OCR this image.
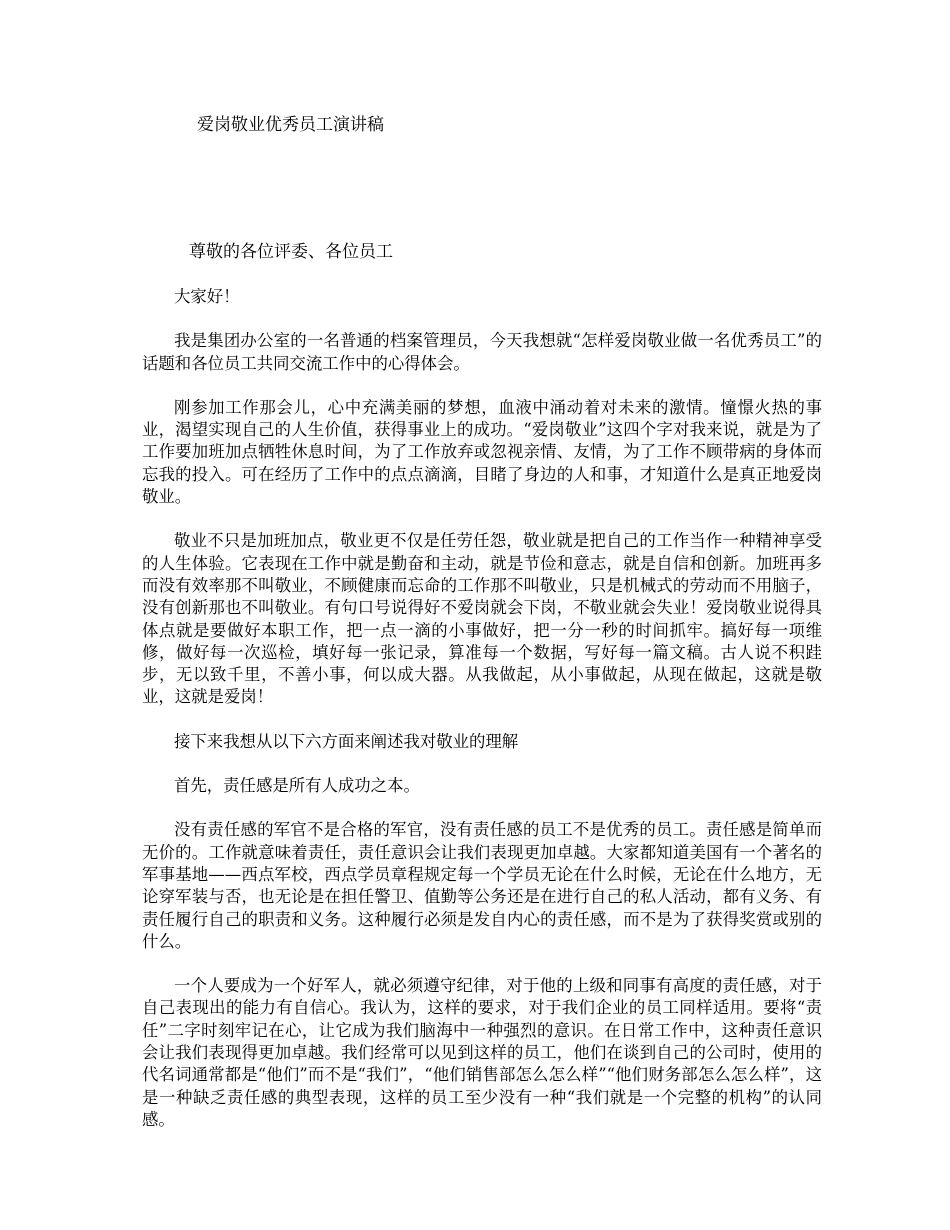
爱岗敬业优秀员工演讲稿
尊敬的各位评委、各位员工

大家好！

我是集团办公室的一名普通的档案管理员，今天我想就“怎样爱岗敬业做一名优秀员工”的话题和各位员工共同交流工作中的心得体会。

刚参加工作那会儿，心中充满美丽的梦想，血液中涌动着对未来的激情。憧憬火热的事业，渴望实现自己的人生价值，获得事业上的成功。“爱岗敬业”这四个字对我来说，就是为了工作要加班加点牺牲休息时间，为了工作放弃或忽视亲情、友情，为了工作不顾带病的身体而忘我的投入。可在经历了工作中的点点滴滴，目睹了身边的人和事，才知道什么是真正地爱岗敬业。

敬业不只是加班加点，敬业更不仅是任劳任怨，敬业就是把自己的工作当作一种精神享受的人生体验。它表现在工作中就是勤奋和主动，就是节俭和意志，就是自信和创新。加班再多而没有效率那不叫敬业，不顾健康而忘命的工作那不叫敬业，只是机械式的劳动而不用脑子，没有创新那也不叫敬业。有句口号说得好不爱岗就会下岗，不敬业就会失业！爱岗敬业说得具体点就是要做好本职工作，把一点一滴的小事做好，把一分一秒的时间抓牢。搞好每一项维修，做好每一次巡检，填好每一张记录，算准每一个数据，写好每一篇文稿。古人说不积跬步，无以致千里，不善小事，何以成大器。从我做起，从小事做起，从现在做起，这就是敬业，这就是爱岗！

接下来我想从以下六方面来阐述我对敬业的理解

首先，责任感是所有人成功之本。

没有责任感的军官不是合格的军官，没有责任感的员工不是优秀的员工。责任感是简单而无价的。工作就意味着责任，责任意识会让我们表现更加卓越。大家都知道美国有一个著名的军事基地——西点军校，西点学员章程规定每一个学员无论在什么时候，无论在什么地方，无论穿军装与否，也无论是在担任警卫、值勤等公务还是在进行自己的私人活动，都有义务、有责任履行自己的职责和义务。这种履行必须是发自内心的责任感，而不是为了获得奖赏或别的什么。

一个人要成为一个好军人，就必须遵守纪律，对于他的上级和同事有高度的责任感，对于自己表现出的能力有自信心。我认为，这样的要求，对于我们企业的员工同样适用。要将“责任”二字时刻牢记在心，让它成为我们脑海中一种强烈的意识。在日常工作中，这种责任意识会让我们表现得更加卓越。我们经常可以见到这样的员工，他们在谈到自己的公司时，使用的代名词通常都是“他们”而不是“我们”，“他们销售部怎么怎么样”“他们财务部怎么怎么样”，这是一种缺乏责任感的典型表现，这样的员工至少没有一种“我们就是一个完整的机构”的认同感。
